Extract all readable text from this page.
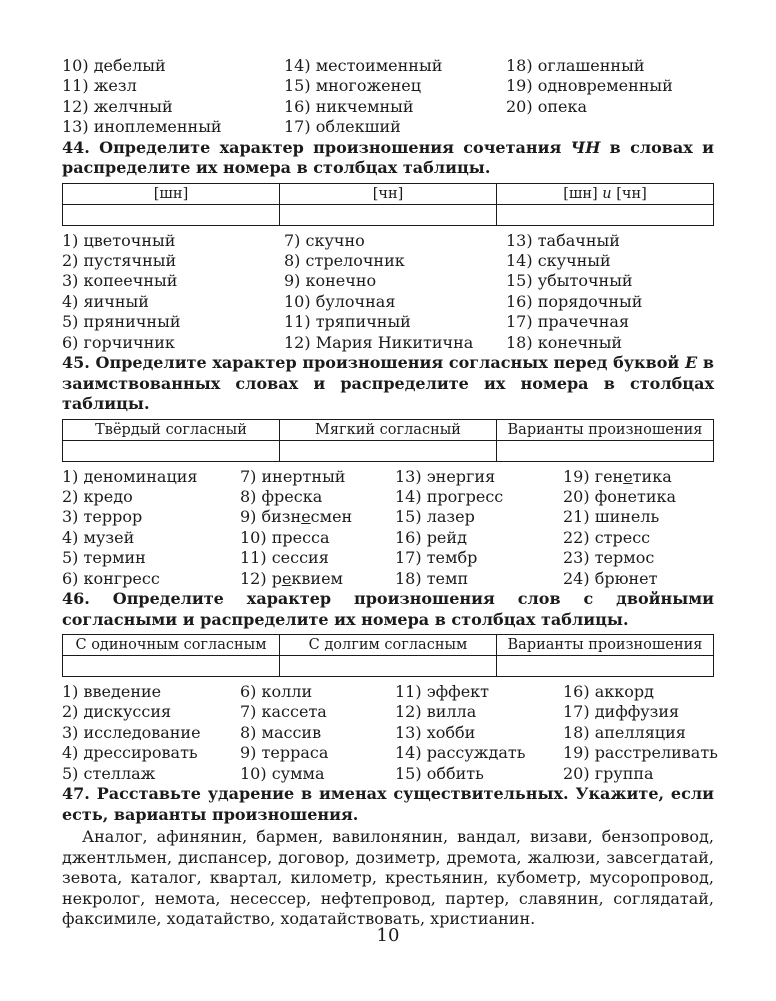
10) дебелый	14) местоименный	18) оглашенный
11) жезл	15) многоженец	19) одновременный
12) желчный	16) никчемный	20) опека
13) иноплеменный	17) облекший
44. Определите характер произношения сочетания ЧН в словах и распределите их номера в столбцах таблицы.
[шн]	[чн]	[шн] и [чн]

1) цветочный	7) скучно	13) табачный
2) пустячный	8) стрелочник	14) скучный
3) копеечный	9) конечно	15) убыточный
4) яичный	10) булочная	16) порядочный
5) пряничный	11) тряпичный	17) прачечная
6) горчичник	12) Мария Никитична	18) конечный
45. Определите характер произношения согласных перед буквой Е в заимствованных словах и распределите их номера в столбцах таблицы.
Твёрдый согласный	Мягкий согласный	Варианты произношения

1) деноминация	7) инертный	13) энергия	19) генетика
2) кредо	8) фреска	14) прогресс	20) фонетика
3) террор	9) бизнесмен	15) лазер	21) шинель
4) музей	10) пресса	16) рейд	22) стресс
5) термин	11) сессия	17) тембр	23) термос
6) конгресс	12) реквием	18) темп	24) брюнет
46. Определите характер произношения слов с двойными согласными и распределите их номера в столбцах таблицы.
С одиночным согласным	С долгим согласным	Варианты произношения

1) введение	6) колли	11) эффект	16) аккорд
2) дискуссия	7) кассета	12) вилла	17) диффузия
3) исследование	8) массив	13) хобби	18) апелляция
4) дрессировать	9) терраса	14) рассуждать	19) расстреливать
5) стеллаж	10) сумма	15) оббить	20) группа
47. Расставьте ударение в именах существительных. Укажите, если есть, варианты произношения.
Аналог, афинянин, бармен, вавилонянин, вандал, визави, бензопровод, джентльмен, диспансер, договор, дозиметр, дремота, жалюзи, завсегдатай, зевота, каталог, квартал, километр, крестьянин, кубометр, мусоропровод, некролог, немота, несессер, нефтепровод, партер, славянин, соглядатай, факсимиле, ходатайство, ходатайствовать, христианин.
10
